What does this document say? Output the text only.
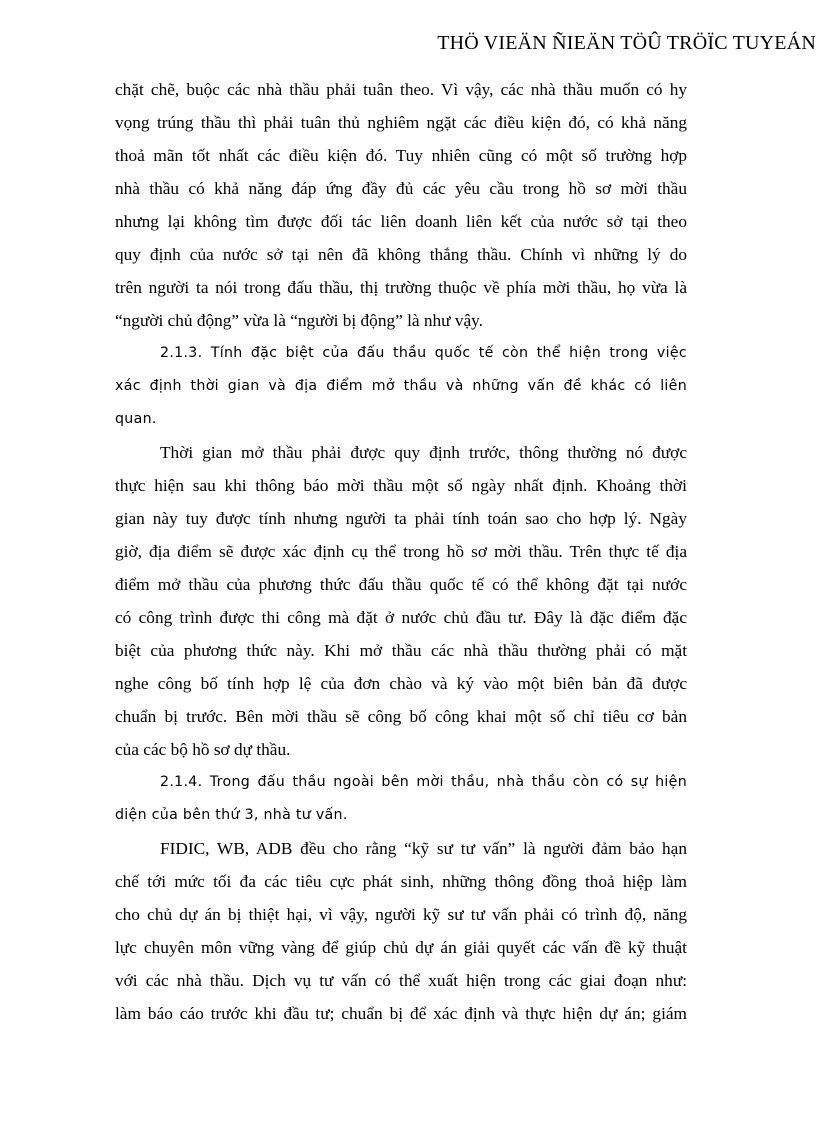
THÖ VIEÄN ÑIEÄN TÖÛ TRÖÏC TUYEÁN
chặt chẽ, buộc các nhà thầu phải tuân theo. Vì vậy, các nhà thầu muốn có hy
vọng trúng thầu thì phải tuân thủ nghiêm ngặt các điều kiện đó, có khả năng
thoả mãn tốt nhất các điều kiện đó. Tuy nhiên cũng có một số trường hợp
nhà thầu có khả năng đáp ứng đầy đủ các yêu cầu trong hồ sơ mời thầu
nhưng lại không tìm được đối tác liên doanh liên kết của nước sở tại theo
quy định của nước sở tại nên đã không thắng thầu. Chính vì những lý do
trên người ta nói trong đấu thầu, thị trường thuộc về phía mời thầu, họ vừa là
“người chủ động” vừa là “người bị động” là như vậy.
2.1.3. Tính đặc biệt của đấu thầu quốc tế còn thể hiện trong việc
xác định thời gian và địa điểm mở thầu và những vấn đề khác có liên
quan.
Thời gian mở thầu phải được quy định trước, thông thường nó được
thực hiện sau khi thông báo mời thầu một số ngày nhất định. Khoảng thời
gian này tuy được tính nhưng người ta phải tính toán sao cho hợp lý. Ngày
giờ, địa điểm sẽ được xác định cụ thể trong hồ sơ mời thầu. Trên thực tế địa
điểm mở thầu của phương thức đấu thầu quốc tế có thể không đặt tại nước
có công trình được thi công mà đặt ở nước chủ đầu tư. Đây là đặc điểm đặc
biệt của phương thức này. Khi mở thầu các nhà thầu thường phải có mặt
nghe công bố tính hợp lệ của đơn chào và ký vào một biên bản đã được
chuẩn bị trước. Bên mời thầu sẽ công bố công khai một số chỉ tiêu cơ bản
của các bộ hồ sơ dự thầu.
2.1.4. Trong đấu thầu ngoài bên mời thầu, nhà thầu còn có sự hiện
diện của bên thứ 3, nhà tư vấn.
FIDIC, WB, ADB đều cho rằng “kỹ sư tư vấn” là người đảm bảo hạn
chế tới mức tối đa các tiêu cực phát sinh, những thông đồng thoả hiệp làm
cho chủ dự án bị thiệt hại, vì vậy, người kỹ sư tư vấn phải có trình độ, năng
lực chuyên môn vững vàng để giúp chủ dự án giải quyết các vấn đề kỹ thuật
với các nhà thầu. Dịch vụ tư vấn có thể xuất hiện trong các giai đoạn như:
làm báo cáo trước khi đầu tư; chuẩn bị để xác định và thực hiện dự án; giám
